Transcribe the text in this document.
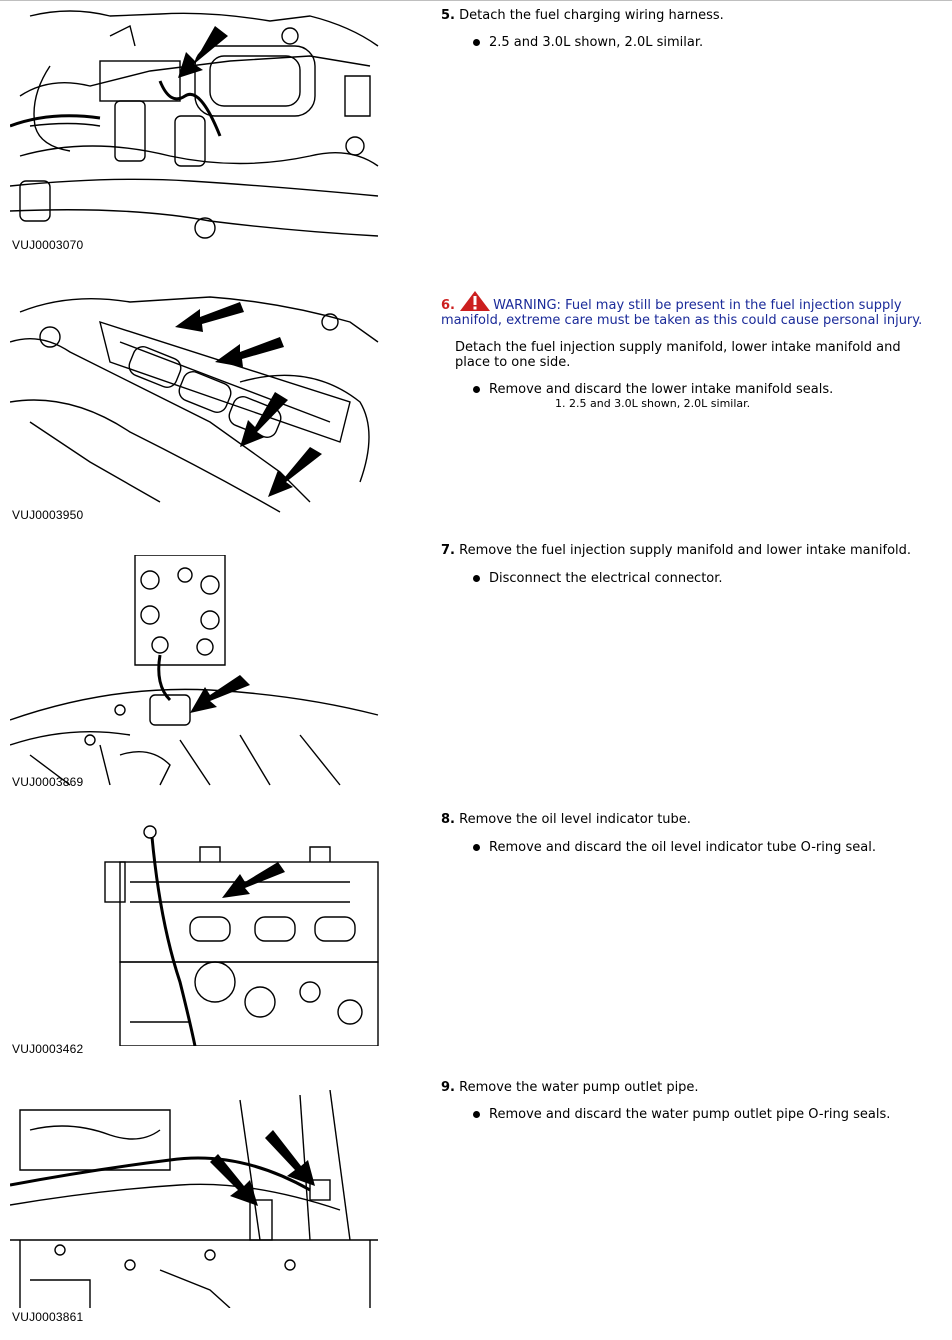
VUJ0003070
5. Detach the fuel charging wiring harness.
2.5 and 3.0L shown, 2.0L similar.
VUJ0003950
6.	WARNING: Fuel may still be present in the fuel injection supply manifold, extreme care must be taken as this could cause personal injury.
Detach the fuel injection supply manifold, lower intake manifold and place to one side.
Remove and discard the lower intake manifold seals.
1. 2.5 and 3.0L shown, 2.0L similar.
VUJ0003869
7. Remove the fuel injection supply manifold and lower intake manifold.
Disconnect the electrical connector.
VUJ0003462
8. Remove the oil level indicator tube.
Remove and discard the oil level indicator tube O-ring seal.
VUJ0003861
9. Remove the water pump outlet pipe.
Remove and discard the water pump outlet pipe O-ring seals.
